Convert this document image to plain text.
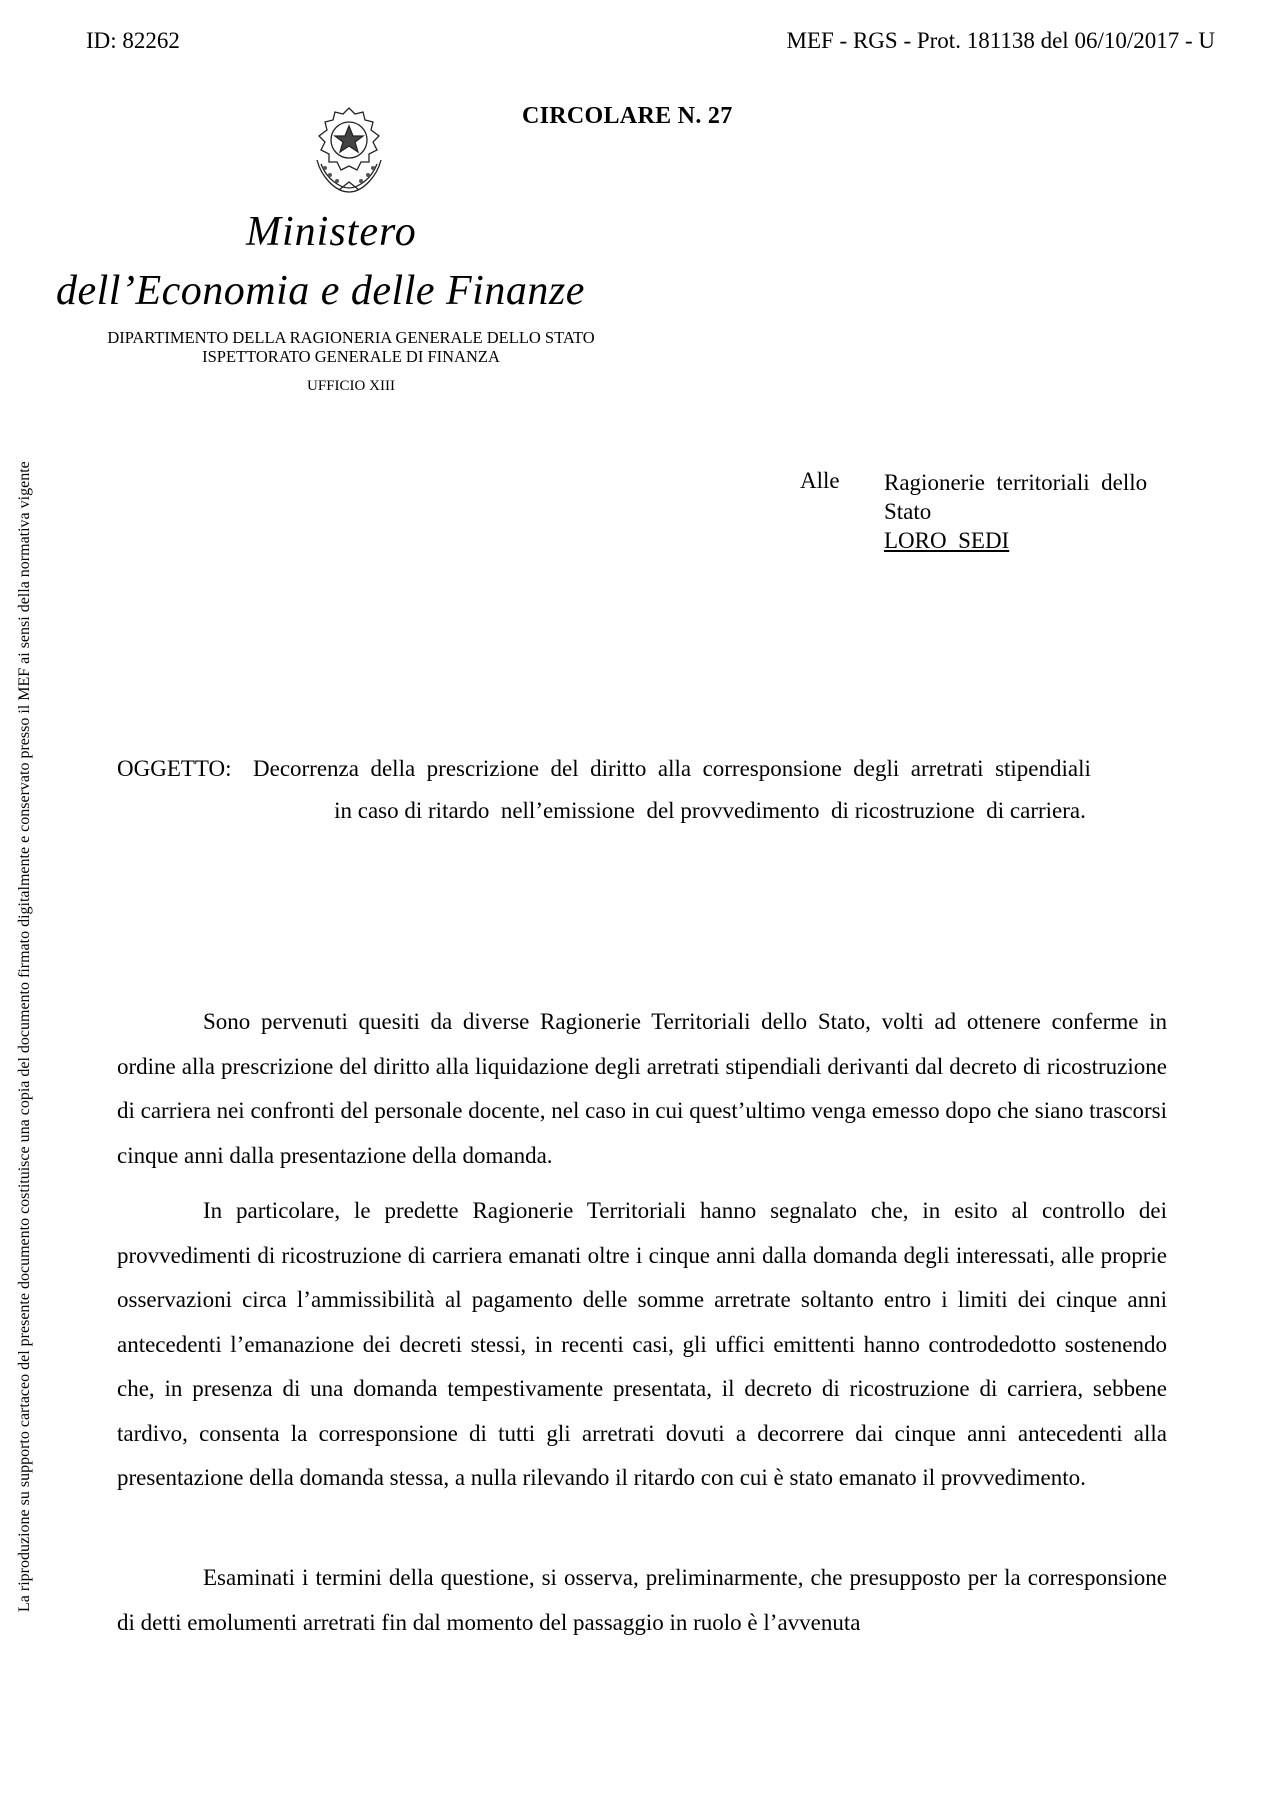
ID: 82262	MEF - RGS - Prot. 181138 del 06/10/2017 - U
CIRCOLARE N. 27
La riproduzione su supporto cartaceo del presente documento costituisce una copia del documento firmato digitalmente e conservato presso il MEF ai sensi della normativa vigente
Ministero
dell’Economia e delle Finanze
DIPARTIMENTO DELLA RAGIONERIA GENERALE DELLO STATO
ISPETTORATO GENERALE DI FINANZA
UFFICIO XIII
Alle Ragionerie  territoriali  dello
Stato
LORO  SEDI
OGGETTO: Decorrenza  della  prescrizione  del  diritto  alla  corresponsione  degli  arretrati  stipendiali
in caso di ritardo  nell’emissione  del provvedimento  di ricostruzione  di carriera.

Sono pervenuti quesiti da diverse Ragionerie Territoriali dello Stato, volti ad ottenere conferme in ordine alla prescrizione del diritto alla liquidazione degli arretrati stipendiali derivanti dal decreto di ricostruzione di carriera nei confronti del personale docente, nel caso in cui quest’ultimo venga emesso dopo che siano trascorsi cinque anni dalla presentazione della domanda.

In particolare, le predette Ragionerie Territoriali hanno segnalato che, in esito al controllo dei provvedimenti di ricostruzione di carriera emanati oltre i cinque anni dalla domanda degli interessati, alle proprie osservazioni circa l’ammissibilità al pagamento delle somme arretrate soltanto entro i limiti dei cinque anni antecedenti l’emanazione dei decreti stessi, in recenti casi, gli uffici emittenti hanno controdedotto sostenendo che, in presenza di una domanda tempestivamente presentata, il decreto di ricostruzione di carriera, sebbene tardivo, consenta la corresponsione di tutti gli arretrati dovuti a decorrere dai cinque anni antecedenti alla presentazione della domanda stessa, a nulla rilevando il ritardo con cui è stato emanato il provvedimento.

Esaminati i termini della questione, si osserva, preliminarmente, che presupposto per la corresponsione di detti emolumenti arretrati fin dal momento del passaggio in ruolo è l’avvenuta
